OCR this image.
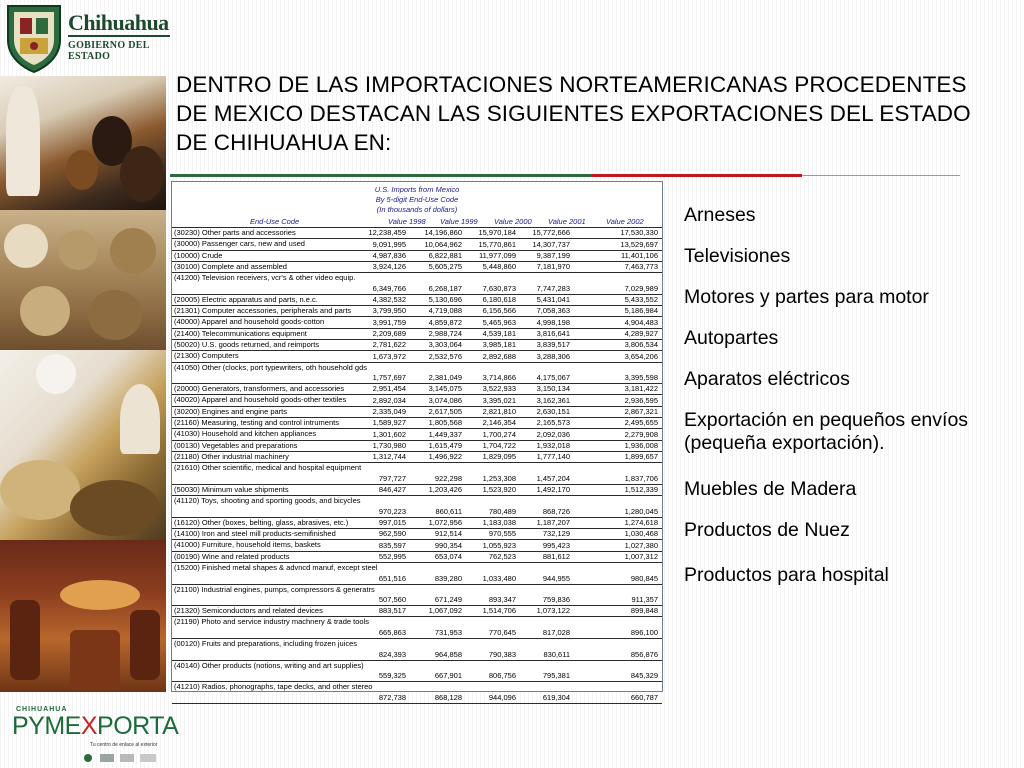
Chihuahua
GOBIERNO DEL ESTADO
CHIHUAHUA
PYMEXPORTA
Tu centro de enlace al exterior
DENTRO DE LAS IMPORTACIONES NORTEAMERICANAS PROCEDENTES DE MEXICO DESTACAN LAS SIGUIENTES EXPORTACIONES DEL ESTADO DE CHIHUAHUA EN:
U.S. Imports from Mexico
By 5-digit End-Use Code
(In thousands of dollars)
End-Use Code	Value 1998 Value 1999 Value 2000 Value 2001	Value 2002
(30230) Other parts and accessories	12,238,459	14,196,860	15,970,184	15,772,666	17,530,330
(30000) Passenger cars, new and used	9,091,995	10,064,962	15,770,861	14,307,737	13,529,697
(10000) Crude	4,987,836	6,822,881	11,977,099	9,387,199	11,401,106
(30100) Complete and assembled	3,924,126	5,605,275	5,448,860	7,181,970	7,463,773
(41200) Television receivers, vcr's & other video equip.
6,349,766	6,268,187	7,630,873	7,747,283	7,029,989
(20005) Electric apparatus and parts, n.e.c.	4,382,532	5,130,696	6,180,618	5,431,041	5,433,552
(21301) Computer accessories, peripherals and parts	3,799,950	4,719,088	6,156,566	7,058,363	5,186,984
(40000) Apparel and household goods-cotton	3,991,759	4,859,872	5,465,963	4,998,198	4,904,483
(21400) Telecommunications equipment	2,209,689	2,988,724	4,539,181	3,816,641	4,289,927
(50020) U.S. goods returned, and reimports	2,781,622	3,303,064	3,985,181	3,839,517	3,806,534
(21300) Computers	1,673,972	2,532,576	2,892,688	3,288,306	3,654,206
(41050) Other (clocks, port typewriters, oth household gds
1,757,697	2,381,049	3,714,866	4,175,067	3,395,598
(20000) Generators, transformers, and accessories	2,951,454	3,145,075	3,522,933	3,150,134	3,181,422
(40020) Apparel and household goods-other textiles	2,892,034	3,074,086	3,395,021	3,162,361	2,936,595
(30200) Engines and engine parts	2,335,049	2,617,505	2,821,810	2,630,151	2,867,321
(21160) Measuring, testing and control intruments	1,589,927	1,805,568	2,146,354	2,165,573	2,495,655
(41030) Household and kitchen appliances	1,301,602	1,449,337	1,700,274	2,092,036	2,279,908
(00130) Vegetables and preparations	1,730,980	1,615,479	1,704,722	1,932,018	1,936,008
(21180) Other industrial machinery	1,312,744	1,496,922	1,829,095	1,777,140	1,899,657
(21610) Other scientific, medical and hospital equipment
797,727	922,298	1,253,308	1,457,204	1,837,706
(50030) Minimum value shipments	846,427	1,203,426	1,523,920	1,492,170	1,512,339
(41120) Toys, shooting and sporting goods, and bicycles
970,223	860,611	780,489	868,726	1,280,045
(16120) Other (boxes, belting, glass, abrasives, etc.)	997,015	1,072,956	1,183,038	1,187,207	1,274,618
(14100) Iron and steel mill products-semifinished	962,590	912,514	970,555	732,129	1,030,468
(41000) Furniture, household items, baskets	835,597	990,354	1,055,923	995,423	1,027,380
(00190) Wine and related products	552,995	653,074	762,523	881,612	1,007,312
(15200) Finished metal shapes & advncd manuf, except steel
651,516	839,280	1,033,480	944,955	980,845
(21100) Industrial engines, pumps, compressors & generatrs
507,560	671,249	893,347	759,836	911,357
(21320) Semiconductors and related devices	883,517	1,067,092	1,514,706	1,073,122	899,848
(21190) Photo and service industry machnery & trade tools
665,863	731,953	770,645	817,028	896,100
(00120) Fruits and preparations, including frozen juices
824,393	964,858	790,383	830,611	856,876
(40140) Other products (notions, writing and art supplies)
559,325	667,901	806,756	795,381	845,329
(41210) Radios, phonographs, tape decks, and other stereo
872,738	868,128	944,096	619,304	660,787
Arneses
Televisiones
Motores y partes para motor
Autopartes
Aparatos eléctricos
Exportación en pequeños envíos (pequeña exportación).
Muebles de Madera
Productos de Nuez
Productos para hospital
